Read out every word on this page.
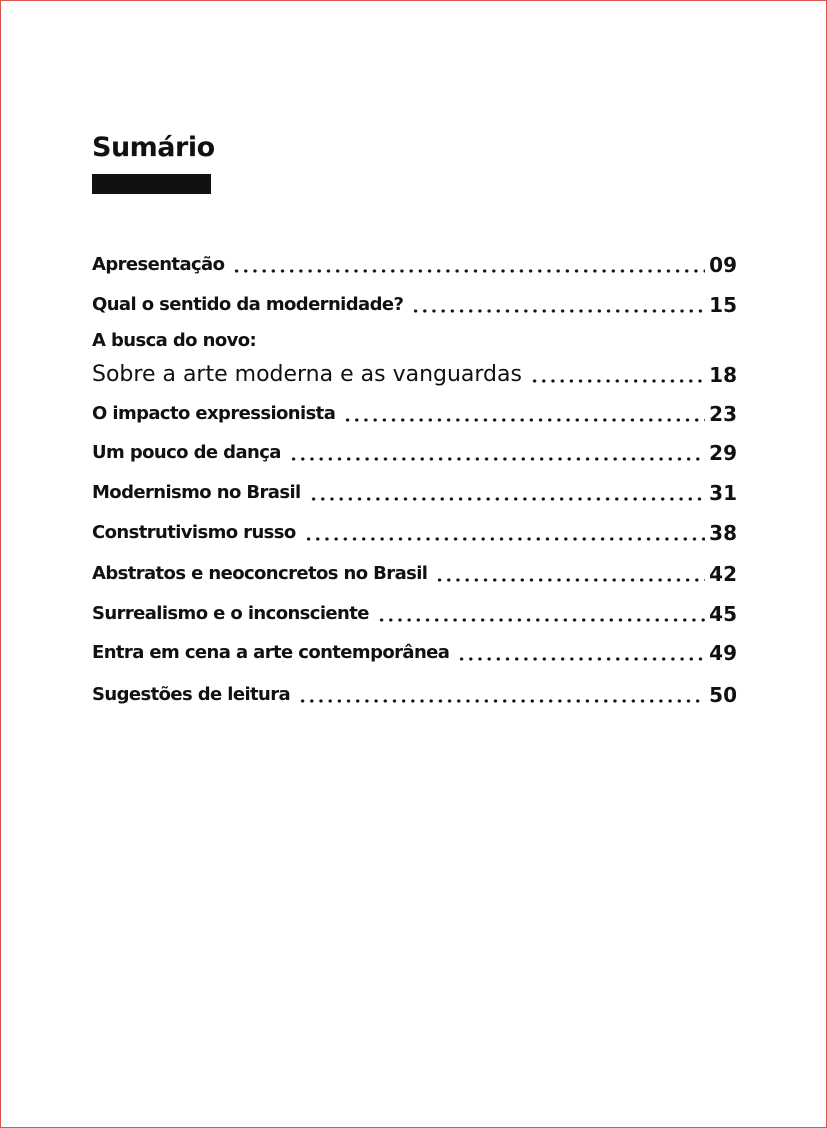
Sumário
Apresentação	09
Qual o sentido da modernidade?	15
A busca do novo:
Sobre a arte moderna e as vanguardas	18
O impacto expressionista	23
Um pouco de dança	29
Modernismo no Brasil	31
Construtivismo russo	38
Abstratos e neoconcretos no Brasil	42
Surrealismo e o inconsciente	45
Entra em cena a arte contemporânea	49
Sugestões de leitura	50
